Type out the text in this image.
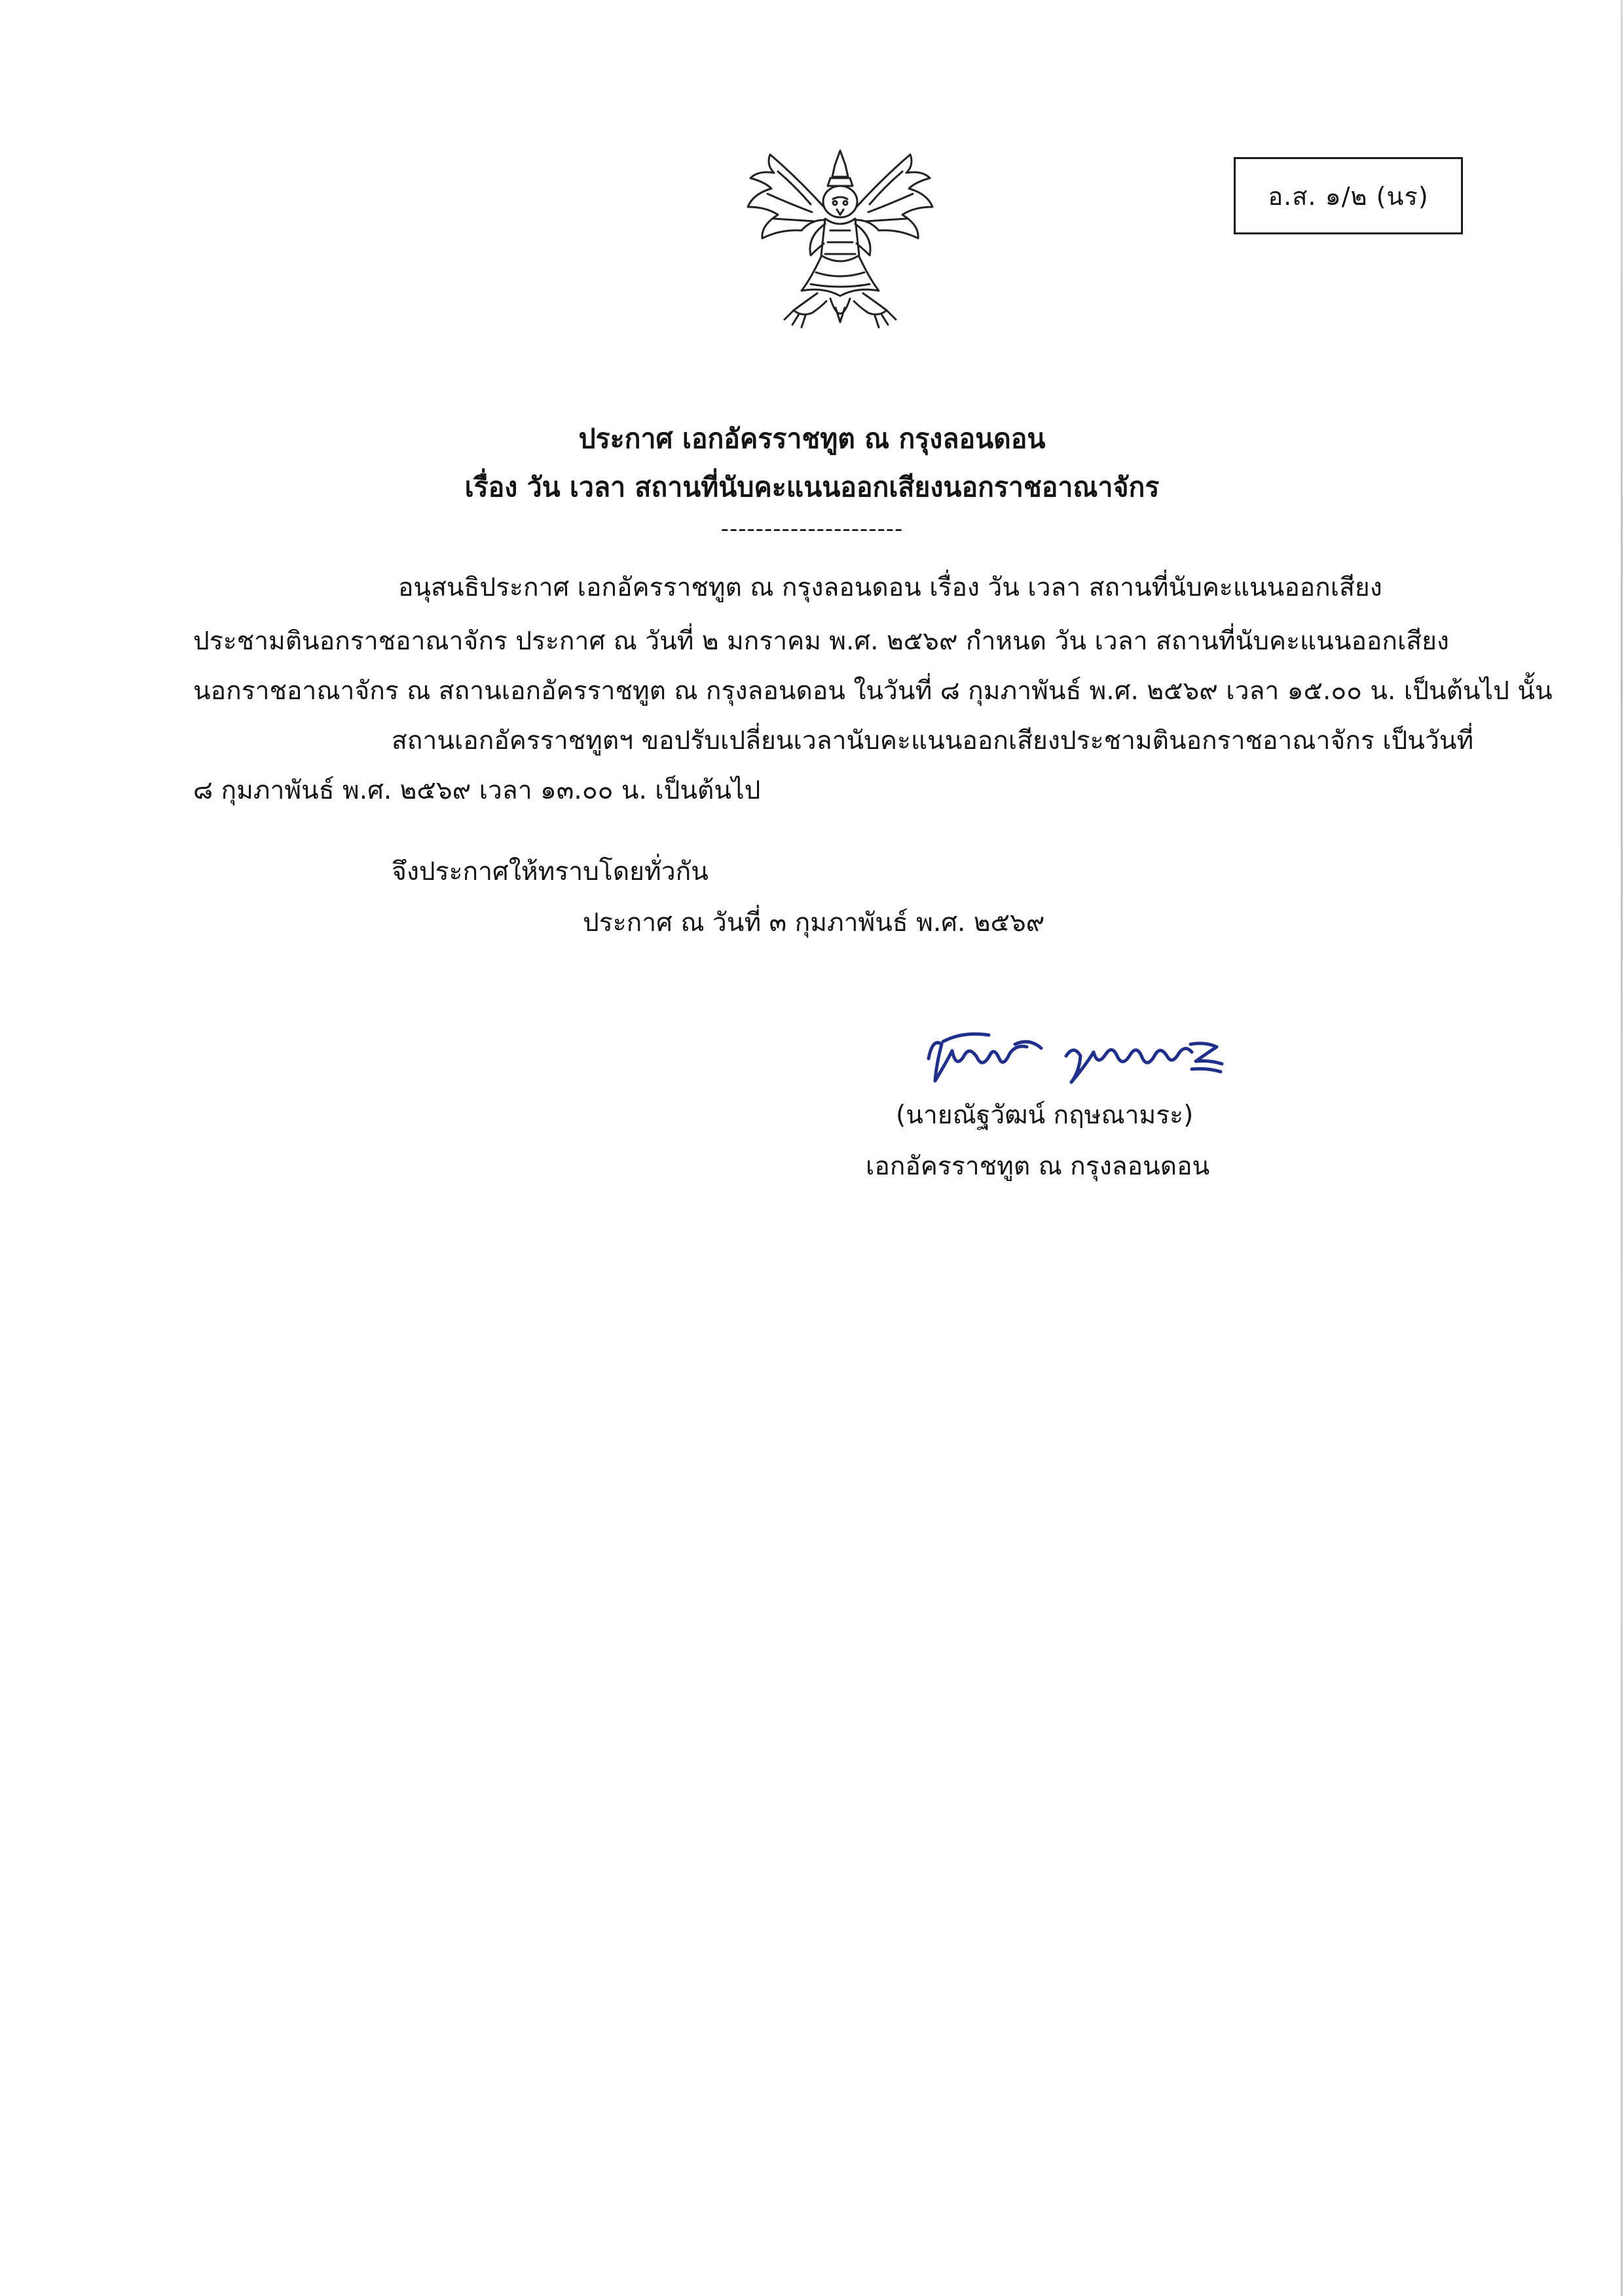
อ.ส. ๑/๒ (นร)
ประกาศ เอกอัครราชทูต ณ กรุงลอนดอน
เรื่อง วัน เวลา สถานที่นับคะแนนออกเสียงนอกราชอาณาจักร
---------------------
อนุสนธิประกาศ เอกอัครราชทูต ณ กรุงลอนดอน เรื่อง วัน เวลา สถานที่นับคะแนนออกเสียง
ประชามตินอกราชอาณาจักร ประกาศ ณ วันที่ ๒ มกราคม พ.ศ. ๒๕๖๙ กำหนด วัน เวลา สถานที่นับคะแนนออกเสียง
นอกราชอาณาจักร ณ สถานเอกอัครราชทูต ณ กรุงลอนดอน ในวันที่ ๘ กุมภาพันธ์ พ.ศ. ๒๕๖๙ เวลา ๑๕.๐๐ น. เป็นต้นไป นั้น
สถานเอกอัครราชทูตฯ ขอปรับเปลี่ยนเวลานับคะแนนออกเสียงประชามตินอกราชอาณาจักร เป็นวันที่
๘ กุมภาพันธ์ พ.ศ. ๒๕๖๙ เวลา ๑๓.๐๐ น. เป็นต้นไป
จึงประกาศให้ทราบโดยทั่วกัน
ประกาศ ณ วันที่ ๓ กุมภาพันธ์ พ.ศ. ๒๕๖๙
(นายณัฐวัฒน์ กฤษณามระ)
เอกอัครราชทูต ณ กรุงลอนดอน
